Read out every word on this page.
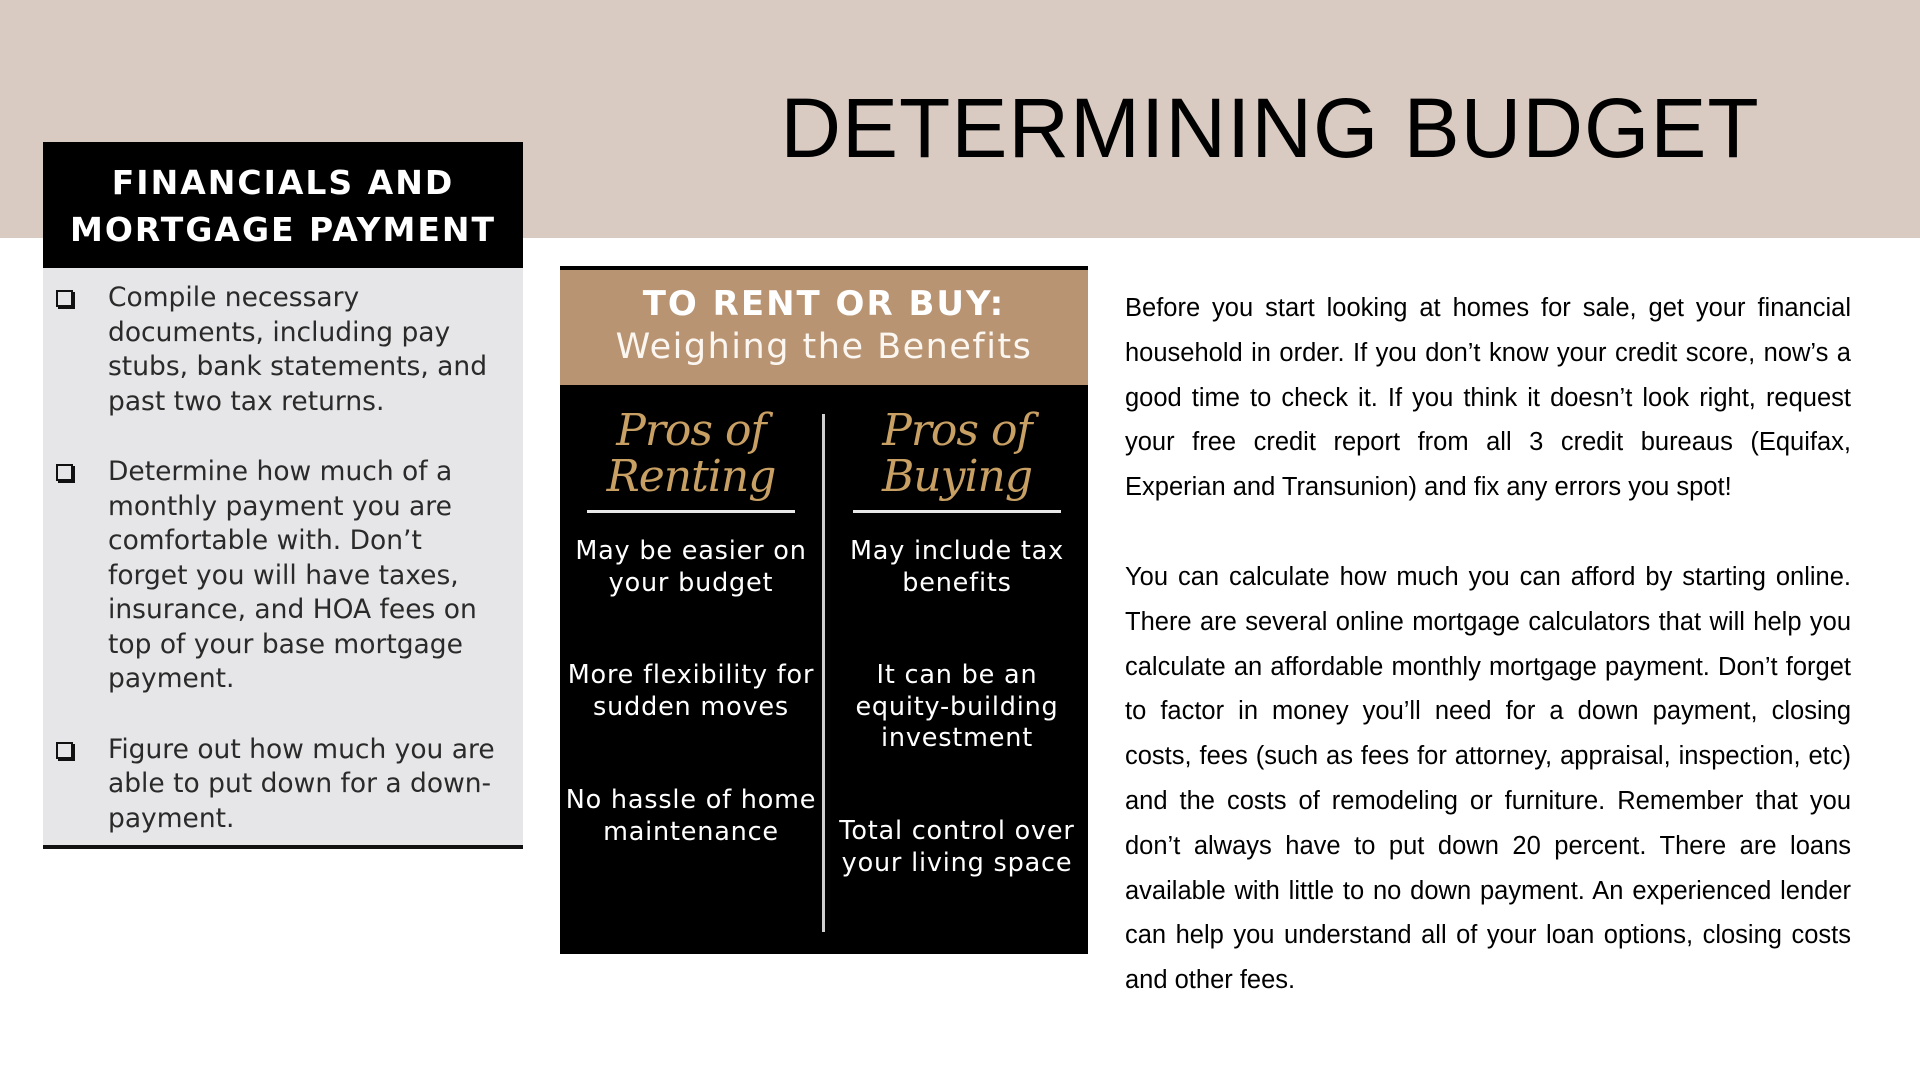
DETERMINING BUDGET
FINANCIALS AND
MORTGAGE PAYMENT
Compile necessary documents, including pay stubs, bank statements, and past two tax returns.
Determine how much of a monthly payment you are comfortable with. Don’t forget you will have taxes, insurance, and HOA fees on top of your base mortgage payment.
Figure out how much you are able to put down for a down-payment.
TO RENT OR BUY:
Weighing the Benefits
Pros of
Renting
May be easier on your budget
More flexibility for sudden moves
No hassle of home maintenance
Pros of
Buying
May include tax benefits
It can be an equity-building investment
Total control over your living space

Before you start looking at homes for sale, get your financial household in order. If you don’t know your credit score, now’s a good time to check it. If you think it doesn’t look right, request your free credit report from all 3 credit bureaus (Equifax, Experian and Transunion) and fix any errors you spot!

You can calculate how much you can afford by starting online. There are several online mortgage calculators that will help you calculate an affordable monthly mortgage payment. Don’t forget to factor in money you’ll need for a down payment, closing costs, fees (such as fees for attorney, appraisal, inspection, etc) and the costs of remodeling or furniture. Remember that you don’t always have to put down 20 percent. There are loans available with little to no down payment. An experienced lender can help you understand all of your loan options, closing costs and other fees.
